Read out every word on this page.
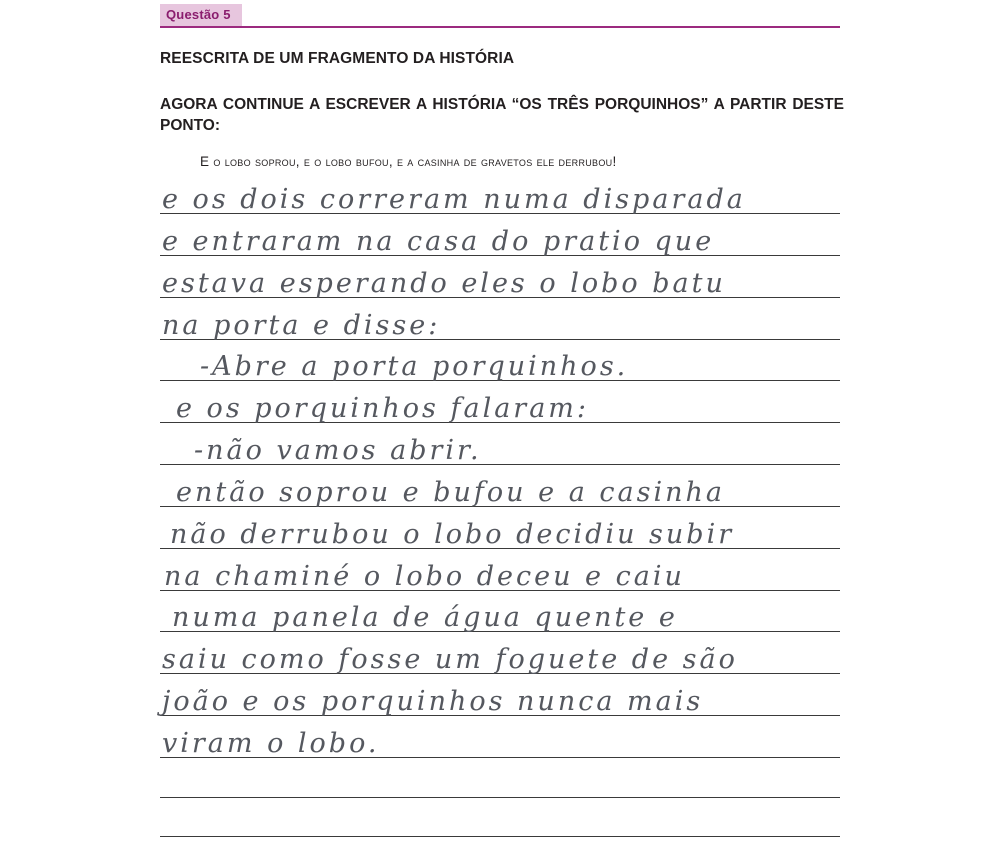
Questão 5
REESCRITA DE UM FRAGMENTO DA HISTÓRIA

AGORA CONTINUE A ESCREVER A HISTÓRIA “OS TRÊS PORQUINHOS” A PARTIR DESTE PONTO:

E o lobo soprou, e o lobo bufou, e a casinha de gravetos ele derrubou!
e os dois correram numa disparada
e entraram na casa do pratio que
estava esperando eles o lobo batu
na porta e disse:
-Abre a porta porquinhos.
e os porquinhos falaram:
-não vamos abrir.
então soprou e bufou e a casinha
não derrubou o lobo decidiu subir
na chaminé o lobo deceu e caiu
numa panela de água quente e
saiu como fosse um foguete de são
joão e os porquinhos nunca mais
viram o lobo.
